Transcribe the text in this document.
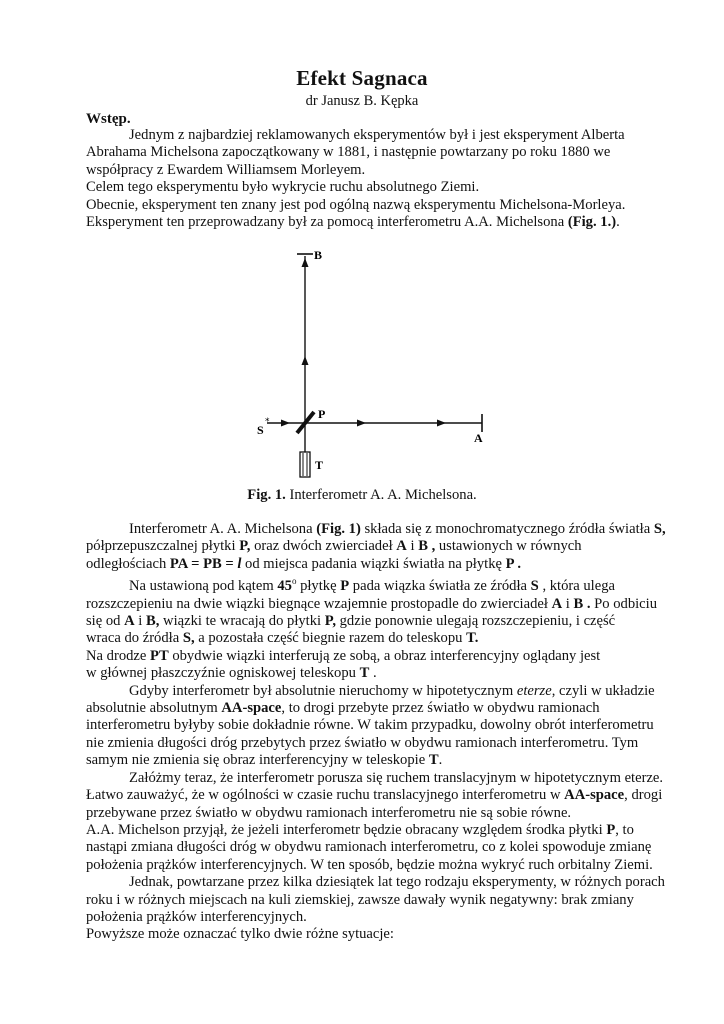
Efekt Sagnaca
dr Janusz B. Kępka
Wstęp.
Jednym z najbardziej reklamowanych eksperymentów był i jest eksperyment Alberta
Abrahama Michelsona zapoczątkowany w 1881, i następnie powtarzany po roku 1880 we
współpracy z Ewardem Williamsem Morleyem.
Celem tego eksperymentu było wykrycie ruchu absolutnego Ziemi.
Obecnie, eksperyment ten znany jest pod ogólną nazwą eksperymentu Michelsona-Morleya.
Eksperyment ten przeprowadzany był za pomocą interferometru A.A. Michelsona (Fig. 1.).
*
B
P
S
A
T
Fig. 1. Interferometr A. A. Michelsona.
Interferometr A. A. Michelsona (Fig. 1) składa się z monochromatycznego źródła światła S,
półprzepuszczalnej płytki P, oraz dwóch zwierciadeł A i B , ustawionych w równych
odległościach PA = PB = l od miejsca padania wiązki światła na płytkę P .
Na ustawioną pod kątem 45$^o$ płytkę P pada wiązka światła ze źródła S , która ulega
rozszczepieniu na dwie wiązki biegnące wzajemnie prostopadle do zwierciadeł A i B . Po odbiciu
się od A i B, wiązki te wracają do płytki P, gdzie ponownie ulegają rozszczepieniu, i część
wraca do źródła S, a pozostała część biegnie razem do teleskopu T.
Na drodze PT obydwie wiązki interferują ze sobą, a obraz interferencyjny oglądany jest
w głównej płaszczyźnie ogniskowej teleskopu T .
Gdyby interferometr był absolutnie nieruchomy w hipotetycznym eterze, czyli w układzie
absolutnie absolutnym AA-space, to drogi przebyte przez światło w obydwu ramionach
interferometru byłyby sobie dokładnie równe. W takim przypadku, dowolny obrót interferometru
nie zmienia długości dróg przebytych przez światło w obydwu ramionach interferometru. Tym
samym nie zmienia się obraz interferencyjny w teleskopie T.
Załóżmy teraz, że interferometr porusza się ruchem translacyjnym w hipotetycznym eterze.
Łatwo zauważyć, że w ogólności w czasie ruchu translacyjnego interferometru w AA-space, drogi
przebywane przez światło w obydwu ramionach interferometru nie są sobie równe.
A.A. Michelson przyjął, że jeżeli interferometr będzie obracany względem środka płytki P, to
nastąpi zmiana długości dróg w obydwu ramionach interferometru, co z kolei spowoduje zmianę
położenia prążków interferencyjnych. W ten sposób, będzie można wykryć ruch orbitalny Ziemi.
Jednak, powtarzane przez kilka dziesiątek lat tego rodzaju eksperymenty, w różnych porach
roku i w różnych miejscach na kuli ziemskiej, zawsze dawały wynik negatywny: brak zmiany
położenia prążków interferencyjnych.
Powyższe może oznaczać tylko dwie różne sytuacje:
